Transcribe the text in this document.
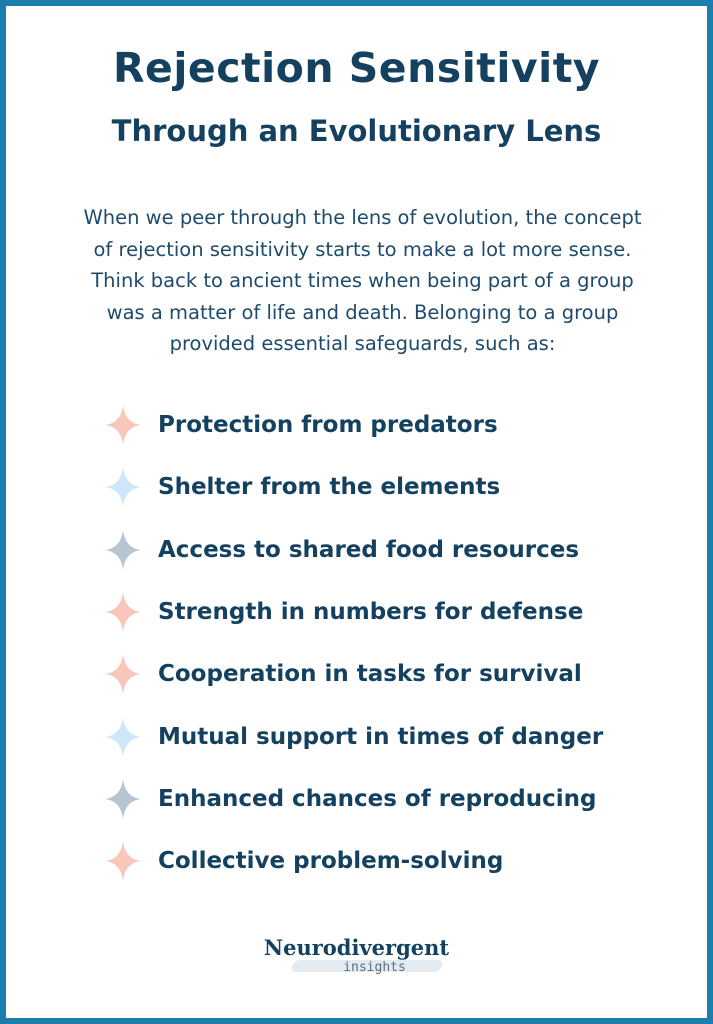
Rejection Sensitivity
Through an Evolutionary Lens
When we peer through the lens of evolution, the concept
of rejection sensitivity starts to make a lot more sense.
Think back to ancient times when being part of a group
was a matter of life and death. Belonging to a group
provided essential safeguards, such as:
Protection from predators
Shelter from the elements
Access to shared food resources
Strength in numbers for defense
Cooperation in tasks for survival
Mutual support in times of danger
Enhanced chances of reproducing
Collective problem-solving
Neurodivergent
insights
